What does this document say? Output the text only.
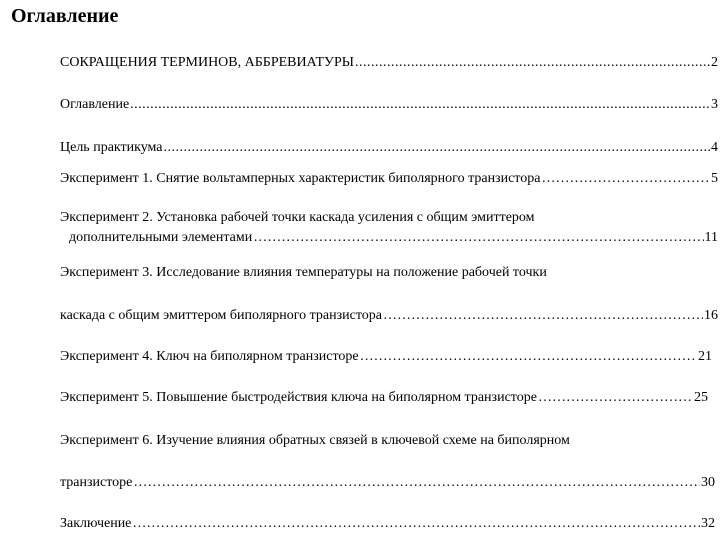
Оглавление
СОКРАЩЕНИЯ ТЕРМИНОВ, АББРЕВИАТУРЫ . . .	2
Оглавление . . .	3
Цель практикума . . .	4
Эксперимент 1. Снятие вольтамперных характеристик биполярного транзистора ………………………………………………………………………………………………………………………………………………	5
Эксперимент 2. Установка рабочей точки каскада усиления с общим эмиттером
дополнительными элементами ………………………………………………………………………………………………………………………………………………	11
Эксперимент 3. Исследование влияния температуры на положение рабочей точки
каскада с общим эмиттером биполярного транзистора ………………………………………………………………………………………………………………………………………………	16
Эксперимент 4. Ключ на биполярном транзисторе ………………………………………………………………………………………………………………………………………………	21
Эксперимент 5. Повышение быстродействия ключа на биполярном транзисторе ………………………………………………………………………………………………………………………………………………	25
Эксперимент 6. Изучение влияния обратных связей в ключевой схеме на биполярном
транзисторе ………………………………………………………………………………………………………………………………………………	30
Заключение ………………………………………………………………………………………………………………………………………………	32
